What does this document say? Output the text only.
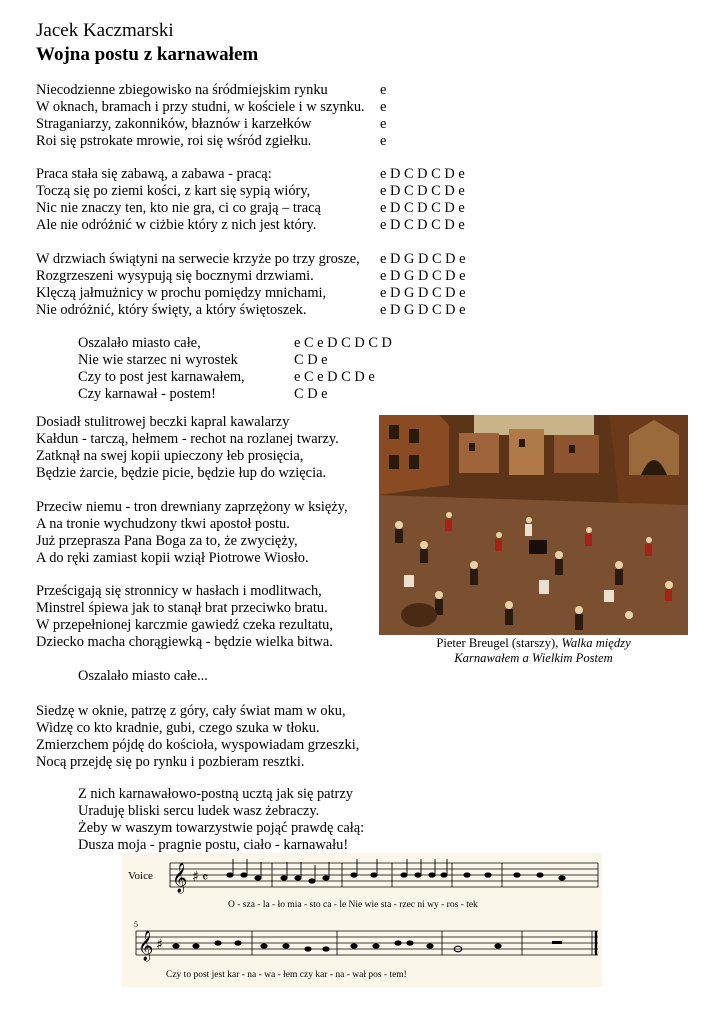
Jacek Kaczmarski
Wojna postu z karnawałem
Niecodzienne zbiegowisko na śródmiejskim rynku	e
W oknach, bramach i przy studni, w kościele i w szynku.	e
Straganiarzy, zakonników, błaznów i karzełków	e
Roi się pstrokate mrowie, roi się wśród zgiełku.	e
Praca stała się zabawą, a zabawa - pracą:	e D C D C D e
Toczą się po ziemi kości, z kart się sypią wióry,	e D C D C D e
Nic nie znaczy ten, kto nie gra, ci co grają – tracą	e D C D C D e
Ale nie odróżnić w ciżbie który z nich jest który.	e D C D C D e
W drzwiach świątyni na serwecie krzyże po trzy grosze,	e D G D C D e
Rozgrzeszeni wysypują się bocznymi drzwiami.	e D G D C D e
Klęczą jałmużnicy w prochu pomiędzy mnichami,	e D G D C D e
Nie odróżnić, który święty, a który świętoszek.	e D G D C D e
Oszalało miasto całe,	e C e D C D C D
Nie wie starzec ni wyrostek	C D e
Czy to post jest karnawałem,	e C e D C D e
Czy karnawał - postem!	C D e
Dosiadł stulitrowej beczki kapral kawalarzy
Kałdun - tarczą, hełmem - rechot na rozlanej twarzy.
Zatknął na swej kopii upieczony łeb prosięcia,
Będzie żarcie, będzie picie, będzie łup do wzięcia.
Przeciw niemu - tron drewniany zaprzężony w księży,
A na tronie wychudzony tkwi apostoł postu.
Już przeprasza Pana Boga za to, że zwycięży,
A do ręki zamiast kopii wziął Piotrowe Wiosło.
Prześcigają się stronnicy w hasłach i modlitwach,
Minstrel śpiewa jak to stanął brat przeciwko bratu.
W przepełnionej karczmie gawiedź czeka rezultatu,
Dziecko macha chorągiewką - będzie wielka bitwa.
Oszalało miasto całe...
Siedzę w oknie, patrzę z góry, cały świat mam w oku,
Widzę co kto kradnie, gubi, czego szuka w tłoku.
Zmierzchem pójdę do kościoła, wyspowiadam grzeszki,
Nocą przejdę się po rynku i pozbieram resztki.
Z nich karnawałowo-postną ucztą jak się patrzy
Uraduję bliski sercu ludek wasz żebraczy.
Żeby w waszym towarzystwie pojąć prawdę całą:
Dusza moja - pragnie postu, ciało - karnawału!
Pieter Breugel (starszy), Walka między
Karnawałem a Wielkim Postem
Voice 𝄞 ♯ 𝄴
O - sza - la - ło mia - sto ca - le Nie wie sta - rzec ni wy - ros - tek
5
𝄞 ♯
Czy to post jest kar - na - wa - łem czy kar - na - wał pos - tem!
